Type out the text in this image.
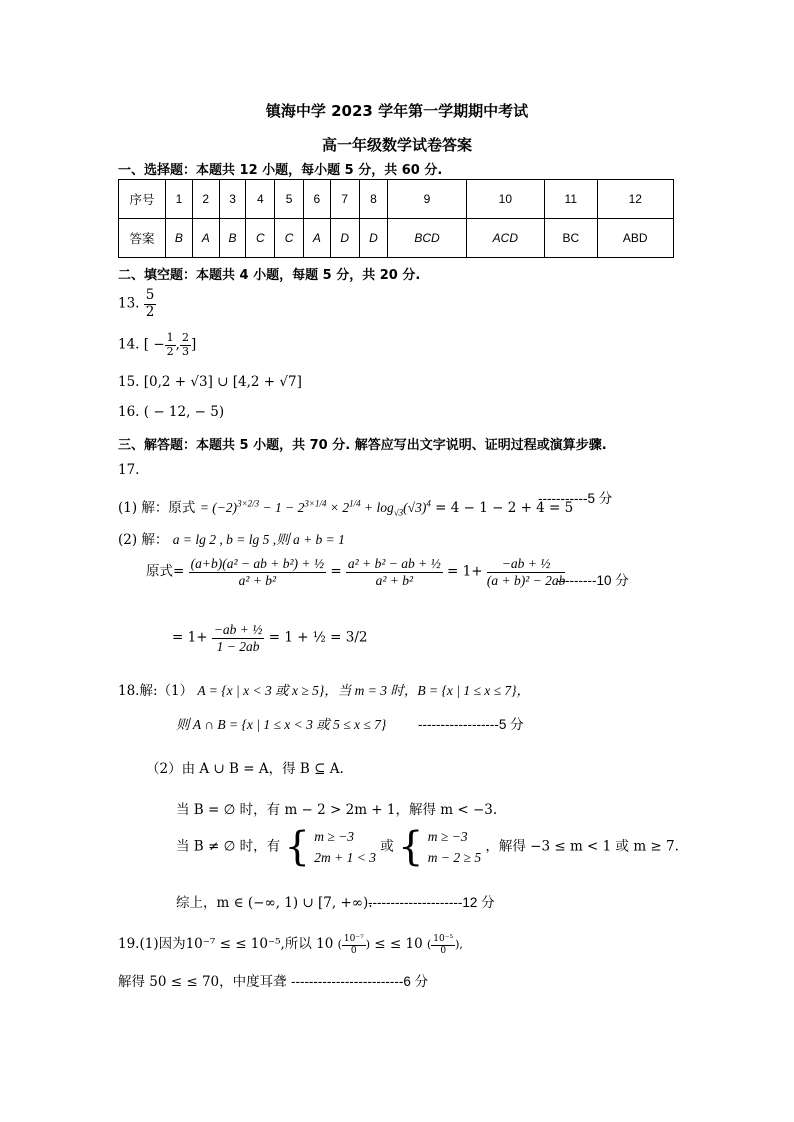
镇海中学 2023 学年第一学期期中考试
高一年级数学试卷答案
一、选择题：本题共 12 小题，每小题 5 分，共 60 分.
序号	1	2	3	4	5	6	7	8	9	10	11	12
答案	B	A	B	C	C	A	D	D	BCD	ACD	BC	ABD
二、填空题：本题共 4 小题，每题 5 分，共 20 分.
13. $\frac{5}{2}$
14. [ − $\frac{1}{2}$ , $\frac{2}{3}$ ]
15. [0,2 + √3] ∪ [4,2 + √7]
16. ( − 12, − 5)
三、解答题：本题共 5 小题，共 70 分. 解答应写出文字说明、证明过程或演算步骤.
17.
(1) 解：原式 = $(-2)^{3\times 2/3} - 1 - 2^{3\times 1/4} \times 2^{1/4} + \log_{√3}(√3)^4 = 4 - 1 - 2 + 4 = 5$
-----------5 分
(2) 解： a = lg 2 , b = lg 5 ,则 a + b = 1
原式= $\frac{\text{(a+b)(a² − ab + b²) + ½}}{\text{a² + b²}} = \frac{\text{a² + b² − ab + ½}}{\text{a² + b²}} = 1+ \frac{\text{−ab + ½}}{\text{(a + b)² − 2ab}}$
---------10 分
= $1+ \frac{\text{−ab + ½}}{1 - 2ab} = 1$ + ½ = 3/2
18.解:（1） A = {x | x < 3 或 x ≥ 5}，当 m = 3 时，B = {x | 1 ≤ x ≤ 7}，
则 A ∩ B = {x | 1 ≤ x < 3 或 5 ≤ x ≤ 7} ------------------5 分
（2）由 A ∪ B = A，得 B ⊆ A.
当 B = ∅ 时，有 m − 2 > 2m + 1，解得 m < −3.
当 B ≠ ∅ 时，有 { m ≥ −3
2m + 1 < 3
或 { m ≥ −3
m − 2 ≥ 5
，解得 −3 ≤ m < 1 或 m ≥ 7.
综上，m ∈ (−∞, 1) ∪ [7, +∞).
---------------------12 分
19.(1)因为10⁻⁷ ≤ ≤ 10⁻⁵,所以 10 ( $\frac{\text{10⁻⁷}}{0}$ ) ≤ ≤ 10 ( $\frac{\text{10⁻⁵}}{0}$ ),
解得 50 ≤ ≤ 70，中度耳聋 -------------------------6 分
